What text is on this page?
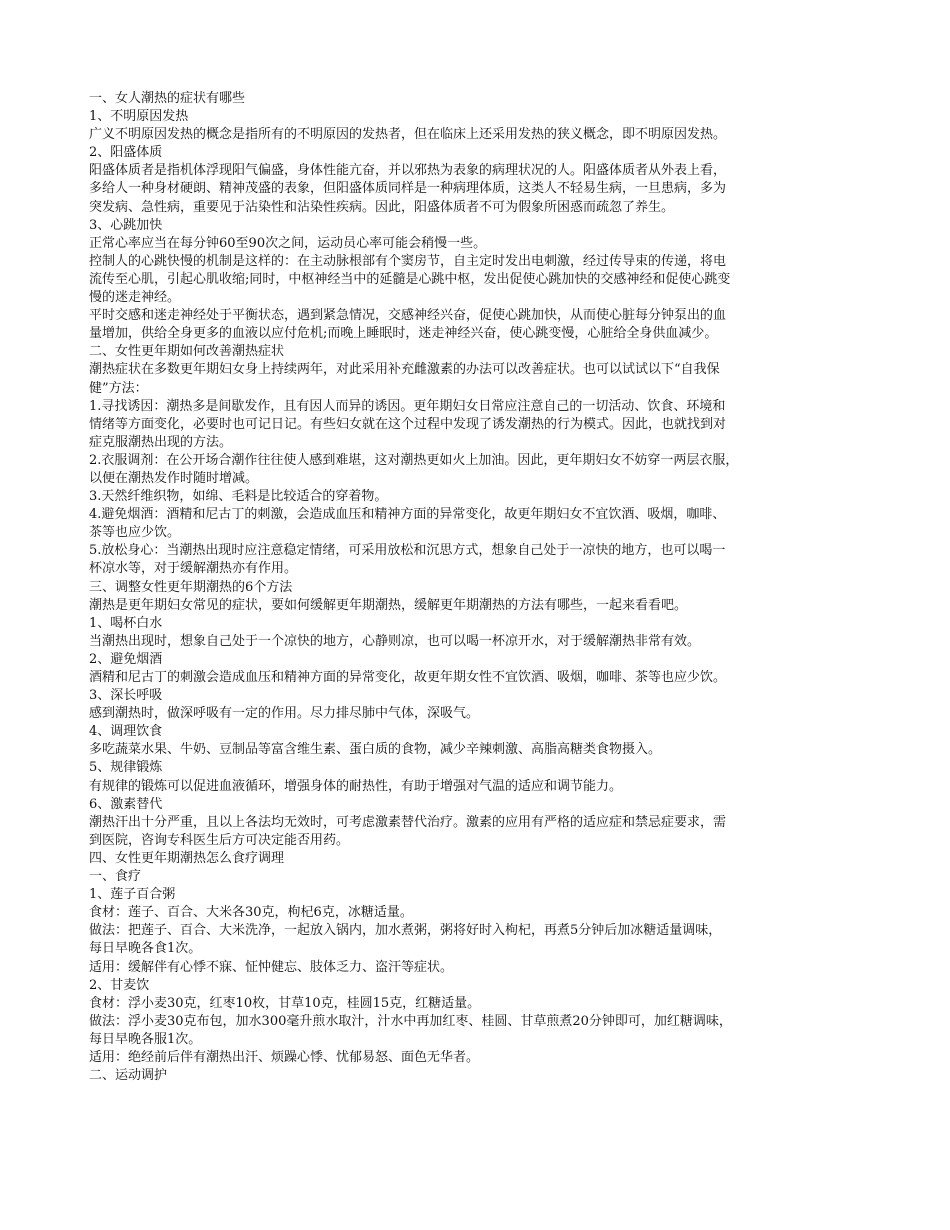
一、女人潮热的症状有哪些
1、不明原因发热
广义不明原因发热的概念是指所有的不明原因的发热者，但在临床上还采用发热的狭义概念，即不明原因发热。
2、阳盛体质
阳盛体质者是指机体浮现阳气偏盛，身体性能亢奋，并以邪热为表象的病理状况的人。阳盛体质者从外表上看，
多给人一种身材硬朗、精神茂盛的表象，但阳盛体质同样是一种病理体质，这类人不轻易生病，一旦患病，多为
突发病、急性病，重要见于沾染性和沾染性疾病。因此，阳盛体质者不可为假象所困惑而疏忽了养生。
3、心跳加快
正常心率应当在每分钟60至90次之间，运动员心率可能会稍慢一些。
控制人的心跳快慢的机制是这样的：在主动脉根部有个窦房节，自主定时发出电刺激，经过传导束的传递，将电
流传至心肌，引起心肌收缩;同时，中枢神经当中的延髓是心跳中枢，发出促使心跳加快的交感神经和促使心跳变
慢的迷走神经。
平时交感和迷走神经处于平衡状态，遇到紧急情况，交感神经兴奋，促使心跳加快，从而使心脏每分钟泵出的血
量增加，供给全身更多的血液以应付危机;而晚上睡眠时，迷走神经兴奋，使心跳变慢，心脏给全身供血减少。
二、女性更年期如何改善潮热症状
潮热症状在多数更年期妇女身上持续两年，对此采用补充雌激素的办法可以改善症状。也可以试试以下“自我保
健”方法：
1.寻找诱因：潮热多是间歇发作，且有因人而异的诱因。更年期妇女日常应注意自己的一切活动、饮食、环境和
情绪等方面变化，必要时也可记日记。有些妇女就在这个过程中发现了诱发潮热的行为模式。因此，也就找到对
症克服潮热出现的方法。
2.衣服调剂：在公开场合潮作往往使人感到难堪，这对潮热更如火上加油。因此，更年期妇女不妨穿一两层衣服，
以便在潮热发作时随时增减。
3.天然纤维织物，如绵、毛料是比较适合的穿着物。
4.避免烟酒：酒精和尼古丁的刺激，会造成血压和精神方面的异常变化，故更年期妇女不宜饮酒、吸烟，咖啡、
茶等也应少饮。
5.放松身心：当潮热出现时应注意稳定情绪，可采用放松和沉思方式，想象自己处于一凉快的地方，也可以喝一
杯凉水等，对于缓解潮热亦有作用。
三、调整女性更年期潮热的6个方法
潮热是更年期妇女常见的症状，要如何缓解更年期潮热，缓解更年期潮热的方法有哪些，一起来看看吧。
1、喝杯白水
当潮热出现时，想象自己处于一个凉快的地方，心静则凉，也可以喝一杯凉开水，对于缓解潮热非常有效。
2、避免烟酒
酒精和尼古丁的刺激会造成血压和精神方面的异常变化，故更年期女性不宜饮酒、吸烟，咖啡、茶等也应少饮。
3、深长呼吸
感到潮热时，做深呼吸有一定的作用。尽力排尽肺中气体，深吸气。
4、调理饮食
多吃蔬菜水果、牛奶、豆制品等富含维生素、蛋白质的食物，减少辛辣刺激、高脂高糖类食物摄入。
5、规律锻炼
有规律的锻炼可以促进血液循环，增强身体的耐热性，有助于增强对气温的适应和调节能力。
6、激素替代
潮热汗出十分严重，且以上各法均无效时，可考虑激素替代治疗。激素的应用有严格的适应症和禁忌症要求，需
到医院，咨询专科医生后方可决定能否用药。
四、女性更年期潮热怎么食疗调理
一、食疗
1、莲子百合粥
食材：莲子、百合、大米各30克，枸杞6克，冰糖适量。
做法：把莲子、百合、大米洗净，一起放入锅内，加水煮粥，粥将好时入枸杞，再煮5分钟后加冰糖适量调味，
每日早晚各食1次。
适用：缓解伴有心悸不寐、怔忡健忘、肢体乏力、盗汗等症状。
2、甘麦饮
食材：浮小麦30克，红枣10枚，甘草10克，桂圆15克，红糖适量。
做法：浮小麦30克布包，加水300毫升煎水取汁，汁水中再加红枣、桂圆、甘草煎煮20分钟即可，加红糖调味，
每日早晚各服1次。
适用：绝经前后伴有潮热出汗、烦躁心悸、忧郁易怒、面色无华者。
二、运动调护
